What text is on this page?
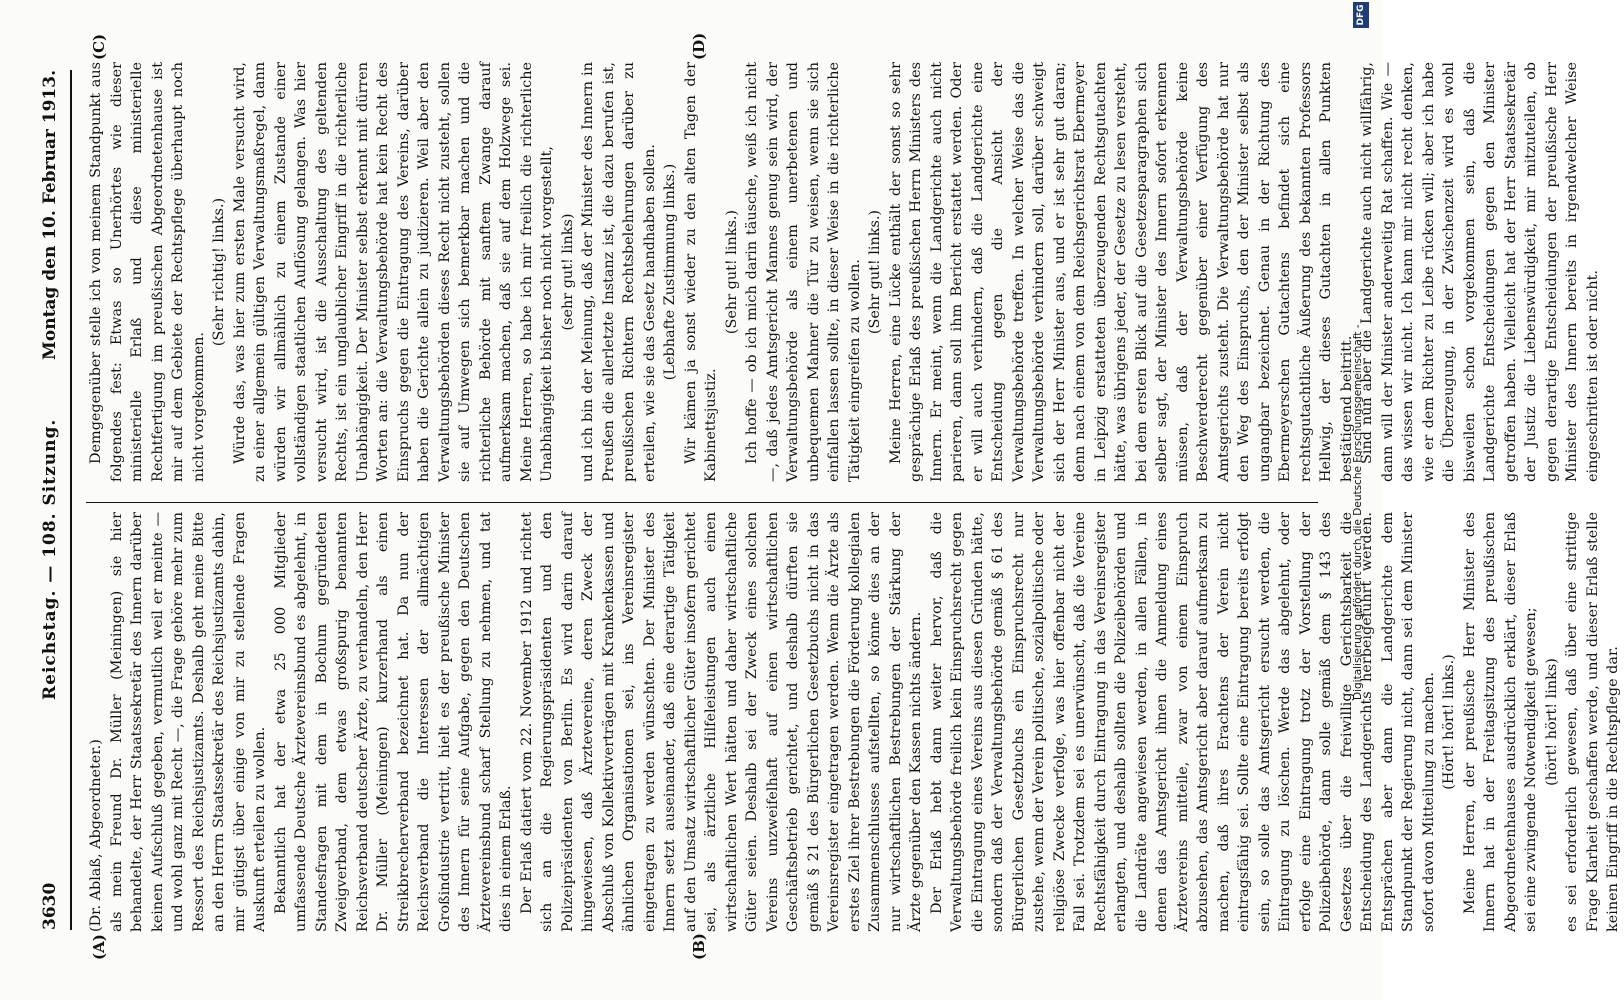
3630
Reichstag. — 108. Sitzung.
Montag den 10. Februar 1913.
(A)	(B)
(C)	(D)

(Dr. Ablaß, Abgeordneter.) als mein Freund Dr. Müller (Meiningen) sie hier behandelte, der Herr Staatssekretär des Innern darüber keinen Aufschluß gegeben, vermutlich weil er meinte — und wohl ganz mit Recht —, die Frage gehöre mehr zum Ressort des Reichsjustizamts. Deshalb geht meine Bitte an den Herrn Staatssekretär des Reichsjustizamts dahin, mir gütigst über einige von mir zu stellende Fragen Auskunft erteilen zu wollen. Bekanntlich hat der etwa 25 000 Mitglieder umfassende Deutsche Ärztevereinsbund es abgelehnt, in Standesfragen mit dem in Bochum gegründeten Zweigverband, dem etwas großspurig benannten Reichsverband deutscher Ärzte, zu verhandeln, den Herr Dr. Müller (Meiningen) kurzerhand als einen Streikbrecherverband bezeichnet hat. Da nun der Reichsverband die Interessen der allmächtigen Großindustrie vertritt, hielt es der preußische Minister des Innern für seine Aufgabe, gegen den Deutschen Ärztevereinsbund scharf Stellung zu nehmen, und tat dies in einem Erlaß. Der Erlaß datiert vom 22. November 1912 und richtet sich an die Regierungspräsidenten und den Polizeipräsidenten von Berlin. Es wird darin darauf hingewiesen, daß Ärztevereine, deren Zweck der Abschluß von Kollektivverträgen mit Krankenkassen und ähnlichen Organisationen sei, ins Vereinsregister eingetragen zu werden wünschten. Der Minister des Innern setzt auseinander, daß eine derartige Tätigkeit auf den Umsatz wirtschaftlicher Güter insofern gerichtet sei, als ärztliche Hilfeleistungen auch einen wirtschaftlichen Wert hätten und daher wirtschaftliche Güter seien. Deshalb sei der Zweck eines solchen Vereins unzweifelhaft auf einen wirtschaftlichen Geschäftsbetrieb gerichtet, und deshalb dürften sie gemäß § 21 des Bürgerlichen Gesetzbuchs nicht in das Vereinsregister eingetragen werden. Wenn die Ärzte als erstes Ziel ihrer Bestrebungen die Förderung kollegialen Zusammenschlusses aufstellten, so könne dies an der nur wirtschaftlichen Bestrebungen der Stärkung der Ärzte gegenüber den Kassen nichts ändern. Der Erlaß hebt dann weiter hervor, daß die Verwaltungsbehörde freilich kein Einspruchsrecht gegen die Eintragung eines Vereins aus diesen Gründen hätte, sondern daß der Verwaltungsbehörde gemäß § 61 des Bürgerlichen Gesetzbuchs ein Einspruchsrecht nur zustehe, wenn der Verein politische, sozialpolitische oder religiöse Zwecke verfolge, was hier offenbar nicht der Fall sei. Trotzdem sei es unerwünscht, daß die Vereine Rechtsfähigkeit durch Eintragung in das Vereinsregister erlangten, und deshalb sollten die Polizeibehörden und die Landräte angewiesen werden, in allen Fällen, in denen das Amtsgericht ihnen die Anmeldung eines Ärztevereins mitteile, zwar von einem Einspruch abzusehen, das Amtsgericht aber darauf aufmerksam zu machen, daß ihres Erachtens der Verein nicht eintragsfähig sei. Sollte eine Eintragung bereits erfolgt sein, so solle das Amtsgericht ersucht werden, die Eintragung zu löschen. Werde das abgelehnt, oder erfolge eine Eintragung trotz der Vorstellung der Polizeibehörde, dann solle gemäß dem § 143 des Gesetzes über die freiwillige Gerichtsbarkeit die Entscheidung des Landgerichts herbeigeführt werden. Entsprächen aber dann die Landgerichte dem Standpunkt der Regierung nicht, dann sei dem Minister sofort davon Mitteilung zu machen. (Hört! hört! links.) Meine Herren, der preußische Herr Minister des Innern hat in der Freitagsitzung des preußischen Abgeordnetenhauses ausdrücklich erklärt, dieser Erlaß sei eine zwingende Notwendigkeit gewesen; (hört! hört! links) es sei erforderlich gewesen, daß über eine strittige Frage Klarheit geschaffen werde, und dieser Erlaß stelle keinen Eingriff in die Rechtspflege dar.

Demgegenüber stelle ich von meinem Standpunkt aus folgendes fest: Etwas so Unerhörtes wie dieser ministerielle Erlaß und diese ministerielle Rechtfertigung im preußischen Abgeordnetenhause ist mir auf dem Gebiete der Rechtspflege überhaupt noch nicht vorgekommen.

(Sehr richtig! links.) Würde das, was hier zum ersten Male versucht wird, zu einer allgemein gültigen Verwaltungsmaßregel, dann würden wir allmählich zu einem Zustande einer vollständigen staatlichen Auflösung gelangen. Was hier versucht wird, ist die Ausschaltung des geltenden Rechts, ist ein unglaublicher Eingriff in die richterliche Unabhängigkeit. Der Minister selbst erkennt mit dürren Worten an: die Verwaltungsbehörde hat kein Recht des Einspruchs gegen die Eintragung des Vereins, darüber haben die Gerichte allein zu judizieren. Weil aber den Verwaltungsbehörden dieses Recht nicht zusteht, sollen sie auf Umwegen sich bemerkbar machen und die richterliche Behörde mit sanftem Zwange darauf aufmerksam machen, daß sie auf dem Holzwege sei. Meine Herren, so habe ich mir freilich die richterliche Unabhängigkeit bisher noch nicht vorgestellt, (sehr gut! links) und ich bin der Meinung, daß der Minister des Innern in Preußen die allerletzte Instanz ist, die dazu berufen ist, preußischen Richtern Rechtsbelehrungen darüber zu erteilen, wie sie das Gesetz handhaben sollen. (Lebhafte Zustimmung links.) Wir kämen ja sonst wieder zu den alten Tagen der Kabinettsjustiz.

(Sehr gut! links.) Ich hoffe — ob ich mich darin täusche, weiß ich nicht —, daß jedes Amtsgericht Mannes genug sein wird, der Verwaltungsbehörde als einem unerbetenen und unbequemen Mahner die Tür zu weisen, wenn sie sich einfallen lassen sollte, in dieser Weise in die richterliche Tätigkeit eingreifen zu wollen. (Sehr gut! links.) Meine Herren, eine Lücke enthält der sonst so sehr gesprächige Erlaß des preußischen Herrn Ministers des Innern. Er meint, wenn die Landgerichte auch nicht parieren, dann soll ihm Bericht erstattet werden. Oder er will auch verhindern, daß die Landgerichte eine Entscheidung gegen die Ansicht der Verwaltungsbehörde treffen. In welcher Weise das die Verwaltungsbehörde verhindern soll, darüber schweigt sich der Herr Minister aus, und er ist sehr gut daran; denn nach einem von dem Reichsgerichtsrat Ebermeyer in Leipzig erstatteten überzeugenden Rechtsgutachten hätte, was übrigens jeder, der Gesetze zu lesen versteht, bei dem ersten Blick auf die Gesetzesparagraphen sich selber sagt, der Minister des Innern sofort erkennen müssen, daß der Verwaltungsbehörde keine Beschwerderecht gegenüber einer Verfügung des Amtsgerichts zusteht. Die Verwaltungsbehörde hat nur den Weg des Einspruchs, den der Minister selbst als ungangbar bezeichnet. Genau in der Richtung des Ebermeyerschen Gutachtens befindet sich eine rechtsgutachtliche Äußerung des bekannten Professors Hellwig, der dieses Gutachten in allen Punkten bestätigend beitritt. Sind nun aber die Landgerichte auch nicht willfährig, dann will der Minister anderweitig Rat schaffen. Wie — das wissen wir nicht. Ich kann mir nicht recht denken, wie er dem Richter zu Leibe rücken will; aber ich habe die Überzeugung, in der Zwischenzeit wird es wohl bisweilen schon vorgekommen sein, daß die Landgerichte Entscheidungen gegen den Minister getroffen haben. Vielleicht hat der Herr Staatssekretär der Justiz die Liebenswürdigkeit, mir mitzuteilen, ob gegen derartige Entscheidungen der preußische Herr Minister des Innern bereits in irgendwelcher Weise eingeschritten ist oder nicht.

Digitalisierung gefördert durch die Deutsche Forschungsgemeinschaft -
DFG
